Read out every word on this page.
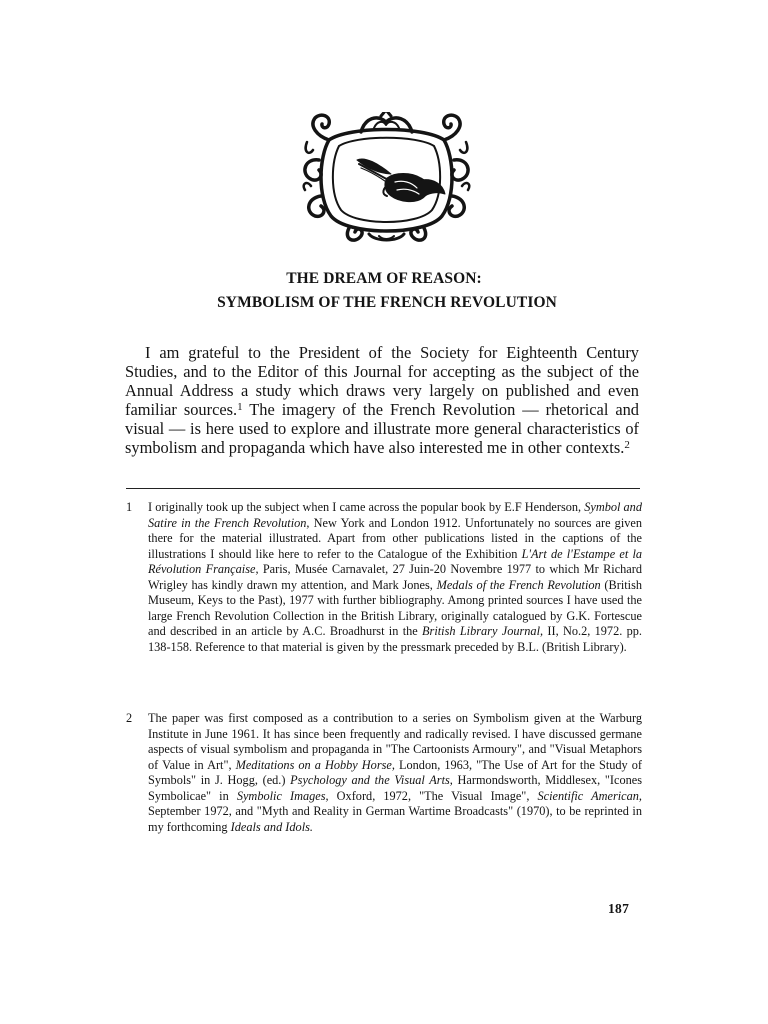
THE DREAM OF REASON:
SYMBOLISM OF THE FRENCH REVOLUTION

I am grateful to the President of the Society for Eighteenth Century Studies, and to the Editor of this Journal for accepting as the subject of the Annual Address a study which draws very largely on published and even familiar sources.$^1$ The imagery of the French Revolution — rhetorical and visual — is here used to explore and illustrate more general characteristics of symbolism and propaganda which have also interested me in other contexts.$^2$

1 I originally took up the subject when I came across the popular book by E.F Henderson, Symbol and Satire in the French Revolution, New York and London 1912. Unfortunately no sources are given there for the material illustrated. Apart from other publications listed in the captions of the illustrations I should like here to refer to the Catalogue of the Exhibition L'Art de l'Estampe et la Révolution Française, Paris, Musée Carnavalet, 27 Juin-20 Novembre 1977 to which Mr Richard Wrigley has kindly drawn my attention, and Mark Jones, Medals of the French Revolution (British Museum, Keys to the Past), 1977 with further bibliography. Among printed sources I have used the large French Revolution Collection in the British Library, originally catalogued by G.K. Fortescue and described in an article by A.C. Broadhurst in the British Library Journal, II, No.2, 1972. pp. 138-158. Reference to that material is given by the pressmark preceded by B.L. (British Library).
2 The paper was first composed as a contribution to a series on Symbolism given at the Warburg Institute in June 1961. It has since been frequently and radically revised. I have discussed germane aspects of visual symbolism and propaganda in "The Cartoonists Armoury", and "Visual Metaphors of Value in Art", Meditations on a Hobby Horse, London, 1963, "The Use of Art for the Study of Symbols" in J. Hogg, (ed.) Psychology and the Visual Arts, Harmondsworth, Middlesex, "Icones Symbolicae" in Symbolic Images, Oxford, 1972, "The Visual Image", Scientific American, September 1972, and "Myth and Reality in German Wartime Broadcasts" (1970), to be reprinted in my forthcoming Ideals and Idols.
187
